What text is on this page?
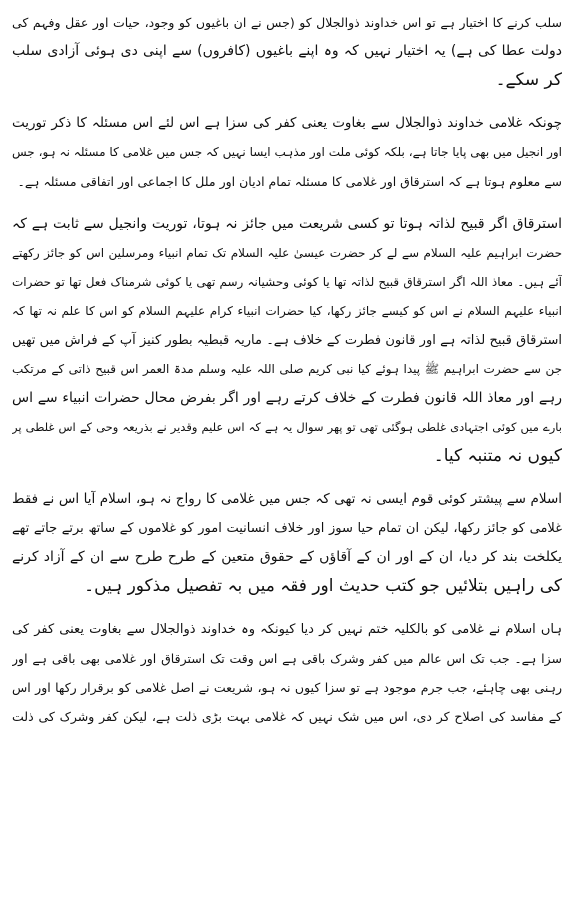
سلب کرنے کا اختیار ہے تو اس خداوند ذوالجلال کو (جس نے ان باغیوں کو وجود، حیات اور عقل وفہم کی
دولت عطا کی ہے) یہ اختیار نہیں کہ وہ اپنے باغیوں (کافروں) سے اپنی دی ہوئی آزادی سلب
کر سکے۔
چونکہ غلامی خداوند ذوالجلال سے بغاوت یعنی کفر کی سزا ہے اس لئے اس مسئلہ کا ذکر توریت
اور انجیل میں بھی پایا جاتا ہے، بلکہ کوئی ملت اور مذہب ایسا نہیں کہ جس میں غلامی کا مسئلہ نہ ہو، جس
سے معلوم ہوتا ہے کہ استرقاق اور غلامی کا مسئلہ تمام ادیان اور ملل کا اجماعی اور اتفاقی مسئلہ ہے۔
استرقاق اگر قبیح لذاتہ ہوتا تو کسی شریعت میں جائز نہ ہوتا، توریت وانجیل سے ثابت ہے کہ
حضرت ابراہیم علیہ السلام سے لے کر حضرت عیسیٰ علیہ السلام تک تمام انبیاء ومرسلین اس کو جائز رکھتے
آئے ہیں۔ معاذ اللہ اگر استرقاق قبیح لذاتہ تھا یا کوئی وحشیانہ رسم تھی یا کوئی شرمناک فعل تھا تو حضرات
انبیاء علیہم السلام نے اس کو کیسے جائز رکھا، کیا حضرات انبیاء کرام علیہم السلام کو اس کا علم نہ تھا کہ
استرقاق قبیح لذاتہ ہے اور قانون فطرت کے خلاف ہے۔ ماریہ قبطیہ بطور کنیز آپ کے فراش میں تھیں
جن سے حضرت ابراہیم ﷺ پیدا ہوئے کیا نبی کریم صلی اللہ علیہ وسلم مدۃ العمر اس قبیح ذاتی کے مرتکب
رہے اور معاذ اللہ قانون فطرت کے خلاف کرتے رہے اور اگر بفرض محال حضرات انبیاء سے اس
بارے میں کوئی اجتہادی غلطی ہوگئی تھی تو پھر سوال یہ ہے کہ اس علیم وقدیر نے بذریعہ وحی کے اس غلطی پر
کیوں نہ متنبہ کیا۔
اسلام سے پیشتر کوئی قوم ایسی نہ تھی کہ جس میں غلامی کا رواج نہ ہو، اسلام آیا اس نے فقط
غلامی کو جائز رکھا، لیکن ان تمام حیا سوز اور خلاف انسانیت امور کو غلاموں کے ساتھ برتے جاتے تھے
یکلخت بند کر دیا، ان کے اور ان کے آقاؤں کے حقوق متعین کے طرح طرح سے ان کے آزاد کرنے
کی راہیں بتلائیں جو کتب حدیث اور فقہ میں بہ تفصیل مذکور ہیں۔
ہاں اسلام نے غلامی کو بالکلیہ ختم نہیں کر دیا کیونکہ وہ خداوند ذوالجلال سے بغاوت یعنی کفر کی
سزا ہے۔ جب تک اس عالم میں کفر وشرک باقی ہے اس وقت تک استرقاق اور غلامی بھی باقی ہے اور
رہنی بھی چاہئے، جب جرم موجود ہے تو سزا کیوں نہ ہو، شریعت نے اصل غلامی کو برقرار رکھا اور اس
کے مفاسد کی اصلاح کر دی، اس میں شک نہیں کہ غلامی بہت بڑی ذلت ہے، لیکن کفر وشرک کی ذلت
